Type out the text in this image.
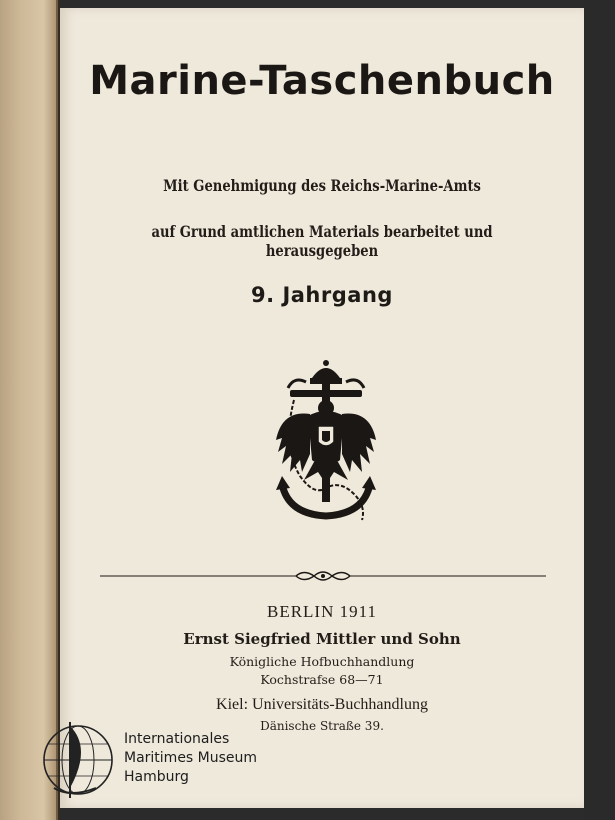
Marine-Taschenbuch
Mit Genehmigung des Reichs-Marine-Amts
auf Grund amtlichen Materials bearbeitet und herausgegeben
9. Jahrgang
BERLIN 1911
Ernst Siegfried Mittler und Sohn
Königliche Hofbuchhandlung
Kochstrafse 68—71
Kiel: Universitäts-Buchhandlung
Dänische Straße 39.
Internationales
Maritimes Museum
Hamburg
